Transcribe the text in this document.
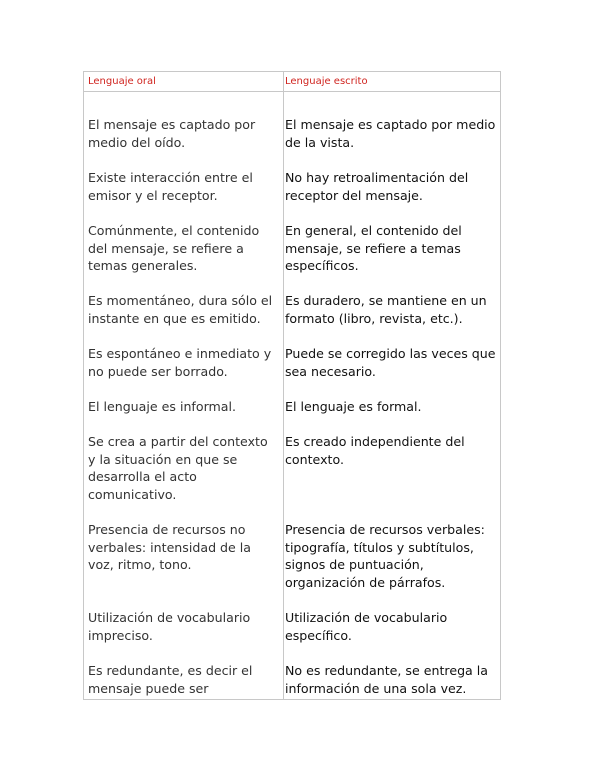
Lenguaje oral	Lenguaje escrito
El mensaje es captado por
medio del oído.
El mensaje es captado por medio
de la vista.
Existe interacción entre el
emisor y el receptor.
No hay retroalimentación del
receptor del mensaje.
Comúnmente, el contenido
del mensaje, se refiere a
temas generales.
En general, el contenido del
mensaje, se refiere a temas
específicos.
Es momentáneo, dura sólo el
instante en que es emitido.
Es duradero, se mantiene en un
formato (libro, revista, etc.).
Es espontáneo e inmediato y
no puede ser borrado.
Puede se corregido las veces que
sea necesario.
El lenguaje es informal.	El lenguaje es formal.
Se crea a partir del contexto
y la situación en que se
desarrolla el acto
comunicativo.
Es creado independiente del
contexto.
Presencia de recursos no
verbales: intensidad de la
voz, ritmo, tono.
Presencia de recursos verbales:
tipografía, títulos y subtítulos,
signos de puntuación,
organización de párrafos.
Utilización de vocabulario
impreciso.
Utilización de vocabulario
específico.
Es redundante, es decir el
mensaje puede ser
No es redundante, se entrega la
información de una sola vez.
